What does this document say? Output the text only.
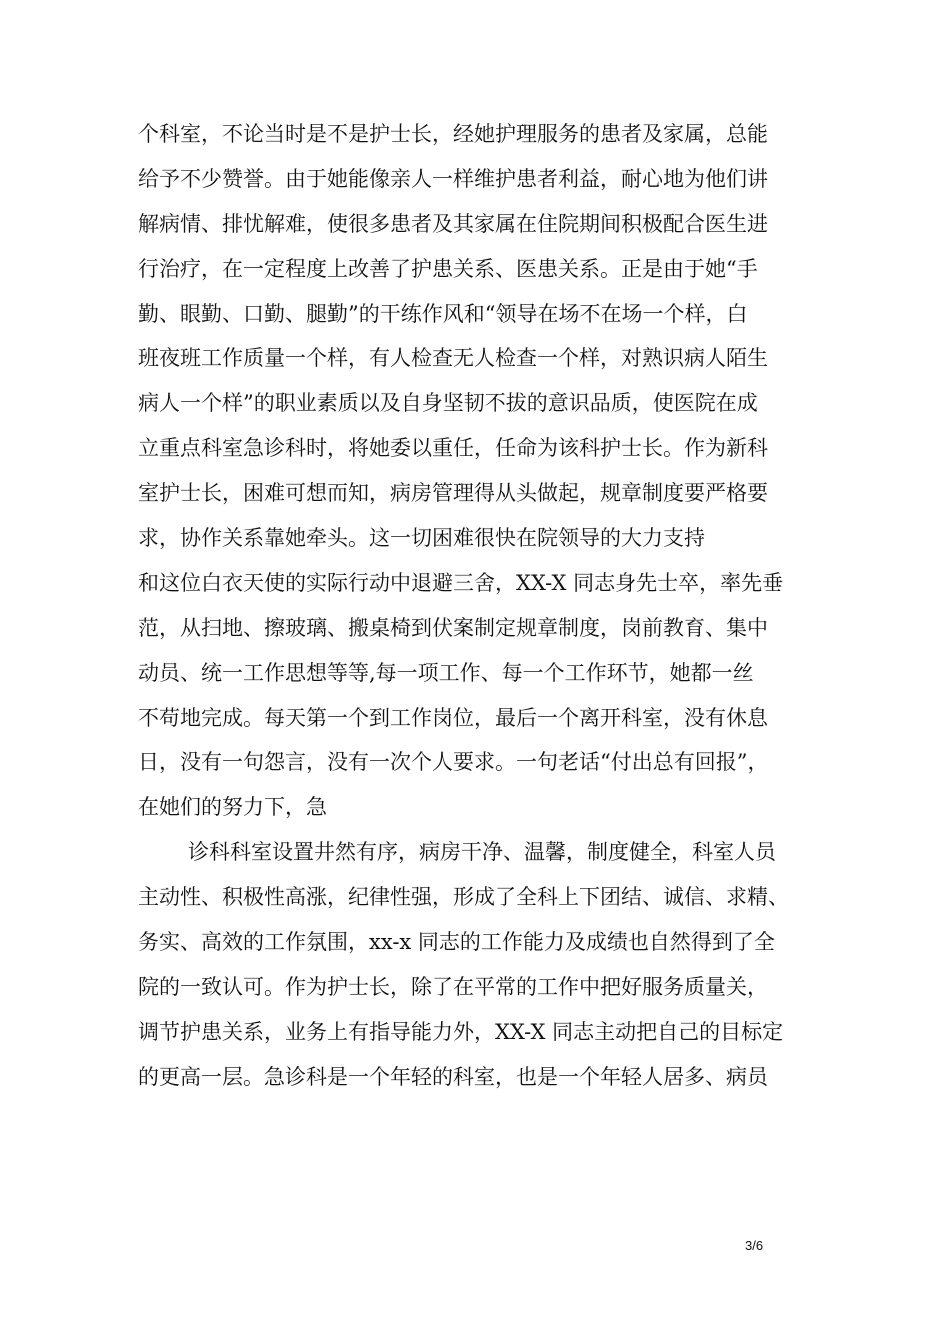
个科室，不论当时是不是护士长，经她护理服务的患者及家属，总能
给予不少赞誉。由于她能像亲人一样维护患者利益，耐心地为他们讲
解病情、排忧解难，使很多患者及其家属在住院期间积极配合医生进
行治疗，在一定程度上改善了护患关系、医患关系。正是由于她“手
勤、眼勤、口勤、腿勤”的干练作风和“领导在场不在场一个样，白
班夜班工作质量一个样，有人检查无人检查一个样，对熟识病人陌生
病人一个样”的职业素质以及自身坚韧不拔的意识品质，使医院在成
立重点科室急诊科时，将她委以重任，任命为该科护士长。作为新科
室护士长，困难可想而知，病房管理得从头做起，规章制度要严格要
求，协作关系靠她牵头。这一切困难很快在院领导的大力支持
和这位白衣天使的实际行动中退避三舍，XX-X 同志身先士卒，率先垂
范，从扫地、擦玻璃、搬桌椅到伏案制定规章制度，岗前教育、集中
动员、统一工作思想等等,每一项工作、每一个工作环节，她都一丝
不苟地完成。每天第一个到工作岗位，最后一个离开科室，没有休息
日，没有一句怨言，没有一次个人要求。一句老话“付出总有回报”，
在她们的努力下，急
诊科科室设置井然有序，病房干净、温馨，制度健全，科室人员
主动性、积极性高涨，纪律性强，形成了全科上下团结、诚信、求精、
务实、高效的工作氛围，xx-x 同志的工作能力及成绩也自然得到了全
院的一致认可。作为护士长，除了在平常的工作中把好服务质量关，
调节护患关系，业务上有指导能力外，XX-X 同志主动把自己的目标定
的更高一层。急诊科是一个年轻的科室，也是一个年轻人居多、病员
3/6
